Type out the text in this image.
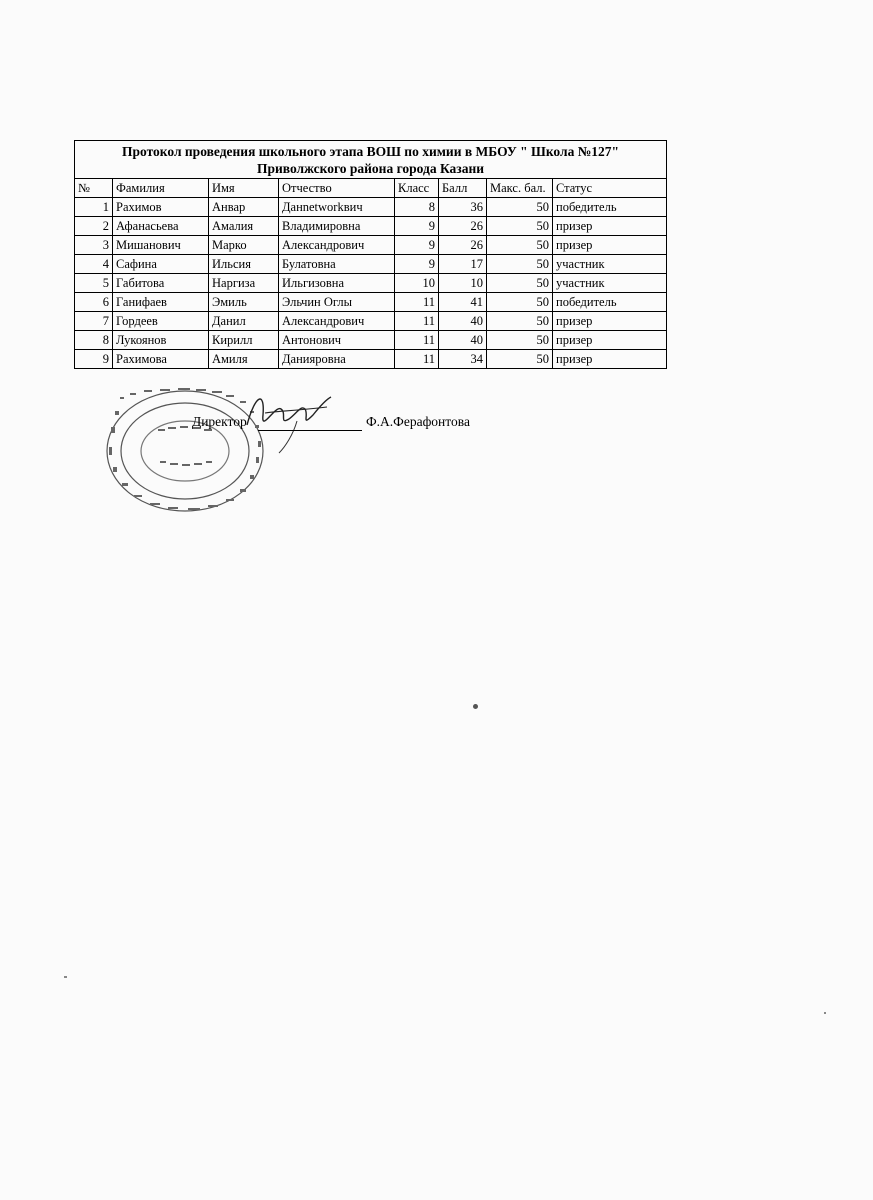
Протокол проведения школьного этапа ВОШ по химии в МБОУ " Школа №127"
Приволжского района города Казани							

№	Фамилия	Имя	Отчество	Класс	Балл	Макс. бал.	Статус
1	Рахимов	Анвар	Данnetworkвич	8	36	50	победитель
2	Афанасьева	Амалия	Владимировна	9	26	50	призер
3	Мишанович	Марко	Александрович	9	26	50	призер
4	Сафина	Ильсия	Булатовна	9	17	50	участник
5	Габитова	Наргиза	Ильгизовна	10	10	50	участник
6	Ганифаев	Эмиль	Эльчин Оглы	11	41	50	победитель
7	Гордеев	Данил	Александрович	11	40	50	призер
8	Лукоянов	Кирилл	Антонович	11	40	50	призер
9	Рахимова	Амиля	Данияровна	11	34	50	призер
Директор	Ф.А.Ферафонтова
